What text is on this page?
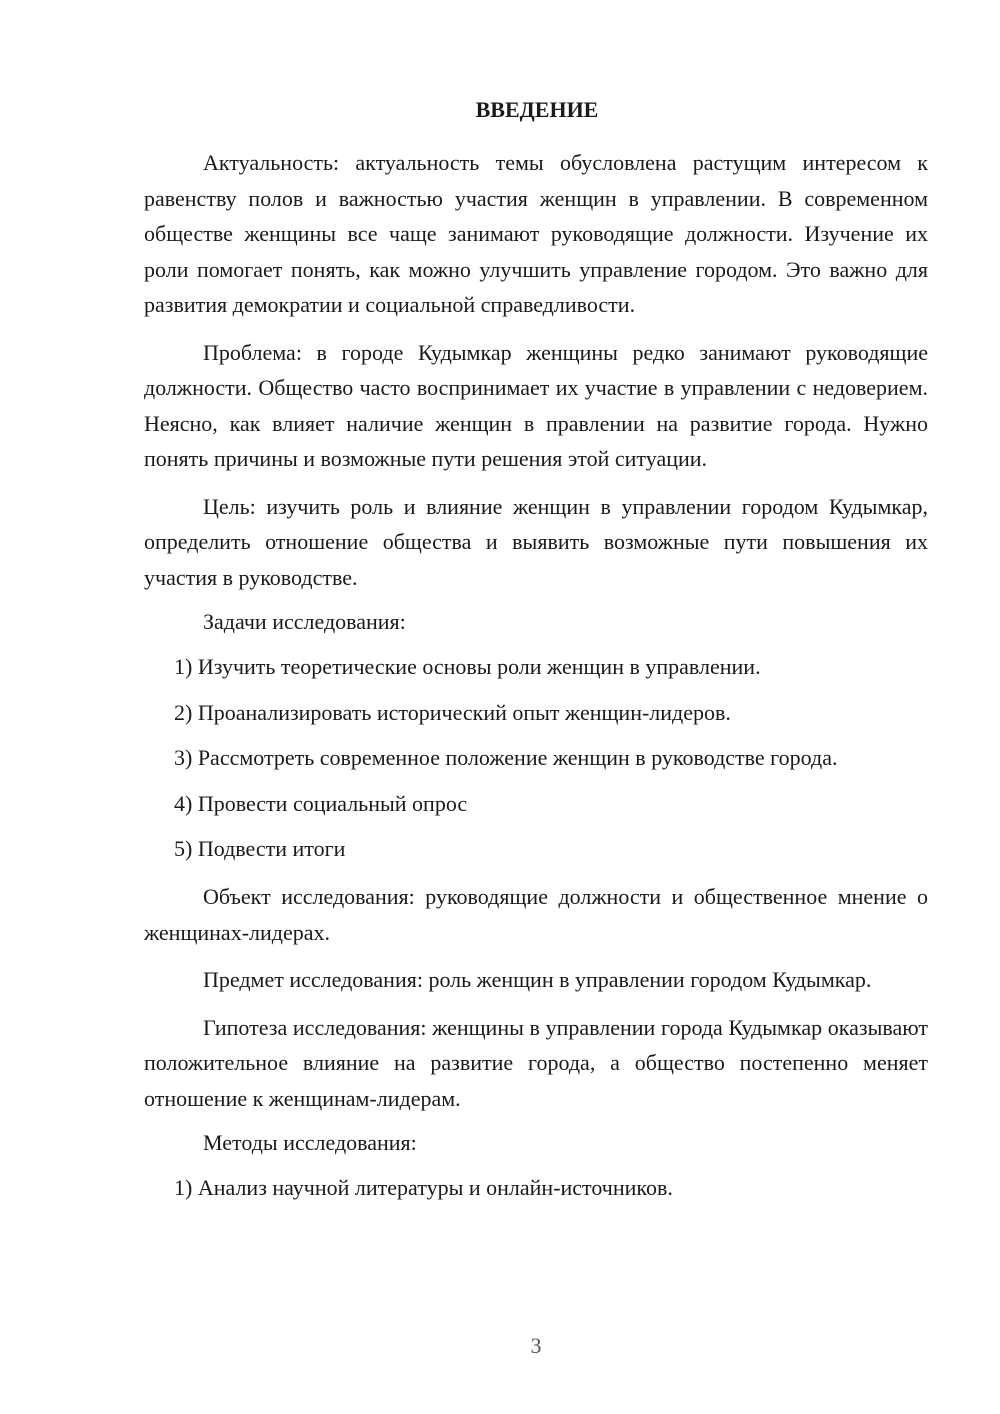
ВВЕДЕНИЕ

Актуальность: актуальность темы обусловлена растущим интересом к равенству полов и важностью участия женщин в управлении. В современном обществе женщины все чаще занимают руководящие должности. Изучение их роли помогает понять, как можно улучшить управление городом. Это важно для развития демократии и социальной справедливости.

Проблема: в городе Кудымкар женщины редко занимают руководящие должности. Общество часто воспринимает их участие в управлении с недоверием. Неясно, как влияет наличие женщин в правлении на развитие города. Нужно понять причины и возможные пути решения этой ситуации.

Цель: изучить роль и влияние женщин в управлении городом Кудымкар, определить отношение общества и выявить возможные пути повышения их участия в руководстве.

Задачи исследования:

1) Изучить теоретические основы роли женщин в управлении.
2) Проанализировать исторический опыт женщин-лидеров.
3) Рассмотреть современное положение женщин в руководстве города.
4) Провести социальный опрос
5) Подвести итоги

Объект исследования: руководящие должности и общественное мнение о женщинах-лидерах.

Предмет исследования: роль женщин в управлении городом Кудымкар.

Гипотеза исследования: женщины в управлении города Кудымкар оказывают положительное влияние на развитие города, а общество постепенно меняет отношение к женщинам-лидерам.

Методы исследования:

1) Анализ научной литературы и онлайн-источников.
3
